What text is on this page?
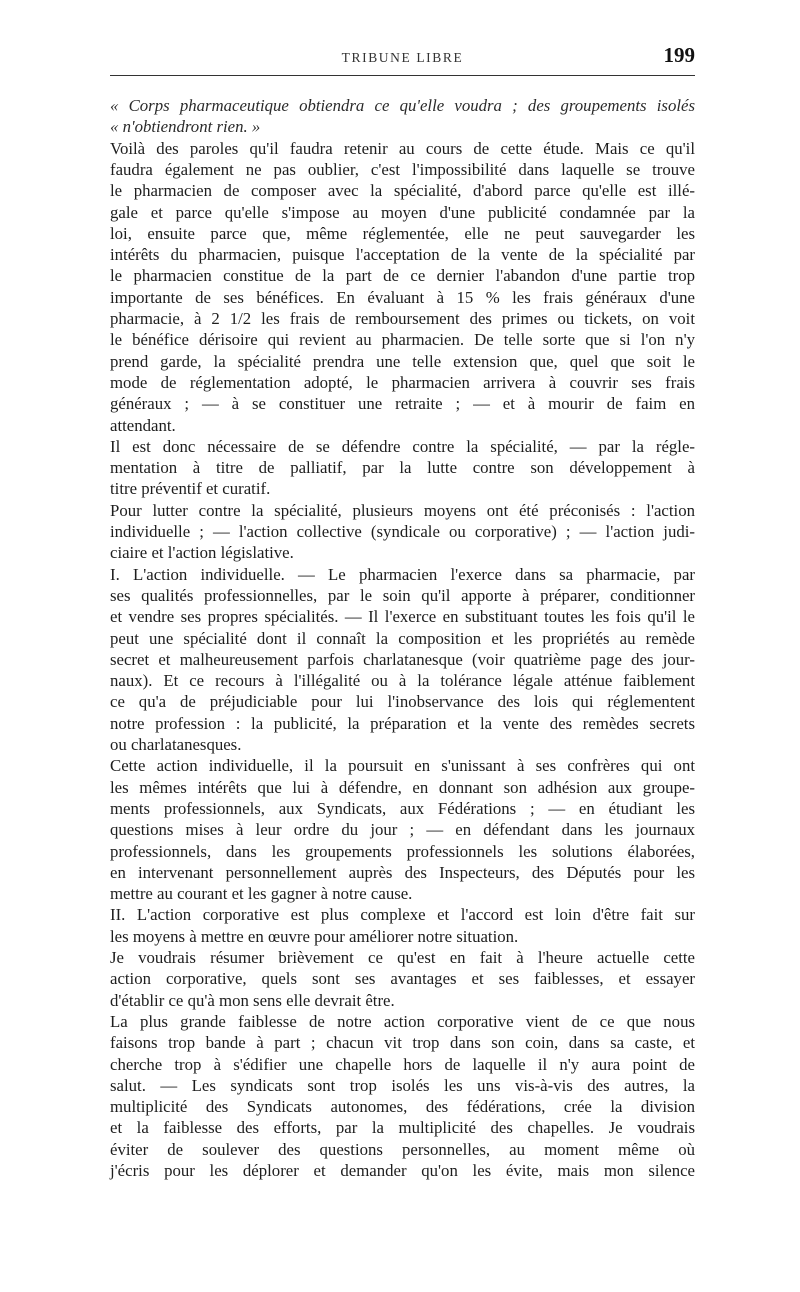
TRIBUNE LIBRE	199

« Corps pharmaceutique obtiendra ce qu'elle voudra ; des groupements isolés

« n'obtiendront rien. »

Voilà des paroles qu'il faudra retenir au cours de cette étude. Mais ce qu'il

faudra également ne pas oublier, c'est l'impossibilité dans laquelle se trouve

le pharmacien de composer avec la spécialité, d'abord parce qu'elle est illé-

gale et parce qu'elle s'impose au moyen d'une publicité condamnée par la

loi, ensuite parce que, même réglementée, elle ne peut sauvegarder les

intérêts du pharmacien, puisque l'acceptation de la vente de la spécialité par

le pharmacien constitue de la part de ce dernier l'abandon d'une partie trop

importante de ses bénéfices. En évaluant à 15 % les frais généraux d'une

pharmacie, à 2 1/2 les frais de remboursement des primes ou tickets, on voit

le bénéfice dérisoire qui revient au pharmacien. De telle sorte que si l'on n'y

prend garde, la spécialité prendra une telle extension que, quel que soit le

mode de réglementation adopté, le pharmacien arrivera à couvrir ses frais

généraux ; — à se constituer une retraite ; — et à mourir de faim en

attendant.

Il est donc nécessaire de se défendre contre la spécialité, — par la régle-

mentation à titre de palliatif, par la lutte contre son développement à

titre préventif et curatif.

Pour lutter contre la spécialité, plusieurs moyens ont été préconisés : l'action

individuelle ; — l'action collective (syndicale ou corporative) ; — l'action judi-

ciaire et l'action législative.

I. L'action individuelle. — Le pharmacien l'exerce dans sa pharmacie, par

ses qualités professionnelles, par le soin qu'il apporte à préparer, conditionner

et vendre ses propres spécialités. — Il l'exerce en substituant toutes les fois qu'il le

peut une spécialité dont il connaît la composition et les propriétés au remède

secret et malheureusement parfois charlatanesque (voir quatrième page des jour-

naux). Et ce recours à l'illégalité ou à la tolérance légale atténue faiblement

ce qu'a de préjudiciable pour lui l'inobservance des lois qui réglementent

notre profession : la publicité, la préparation et la vente des remèdes secrets

ou charlatanesques.

Cette action individuelle, il la poursuit en s'unissant à ses confrères qui ont

les mêmes intérêts que lui à défendre, en donnant son adhésion aux groupe-

ments professionnels, aux Syndicats, aux Fédérations ; — en étudiant les

questions mises à leur ordre du jour ; — en défendant dans les journaux

professionnels, dans les groupements professionnels les solutions élaborées,

en intervenant personnellement auprès des Inspecteurs, des Députés pour les

mettre au courant et les gagner à notre cause.

II. L'action corporative est plus complexe et l'accord est loin d'être fait sur

les moyens à mettre en œuvre pour améliorer notre situation.

Je voudrais résumer brièvement ce qu'est en fait à l'heure actuelle cette

action corporative, quels sont ses avantages et ses faiblesses, et essayer

d'établir ce qu'à mon sens elle devrait être.

La plus grande faiblesse de notre action corporative vient de ce que nous

faisons trop bande à part ; chacun vit trop dans son coin, dans sa caste, et

cherche trop à s'édifier une chapelle hors de laquelle il n'y aura point de

salut. — Les syndicats sont trop isolés les uns vis-à-vis des autres, la

multiplicité des Syndicats autonomes, des fédérations, crée la division

et la faiblesse des efforts, par la multiplicité des chapelles. Je voudrais

éviter de soulever des questions personnelles, au moment même où

j'écris pour les déplorer et demander qu'on les évite, mais mon silence
